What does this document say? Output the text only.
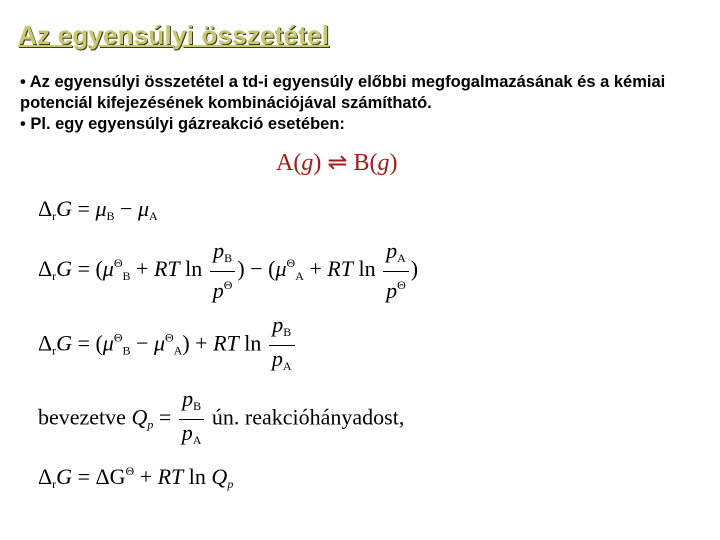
Az egyensúlyi összetétel

• Az egyensúlyi összetétel a td-i egyensúly előbbi megfogalmazásának és a kémiai potenciál kifejezésének kombinációjával számítható.

• Pl. egy egyensúlyi gázreakció esetében:

A(g) ⇌ B(g)
$\Delta_rG = \mu_B - \mu_A$
$\Delta_rG = (\mu^\Theta_B$ + RT $\ln \frac{p_B}{p^\Theta}$ ) − ($\mu^\Theta_A$ + RT $\ln \frac{p_A}{p^\Theta}$ )
$\Delta_rG = (\mu^\Theta_B - \mu^\Theta_A)$ + RT $\ln \frac{p_B}{p_A}$
bevezetve $Q_p = \frac{p_B}{p_A}$ ún. reakcióhányadost,
$\Delta_rG = \Delta G^\Theta$ + RT $\ln Q_p$
